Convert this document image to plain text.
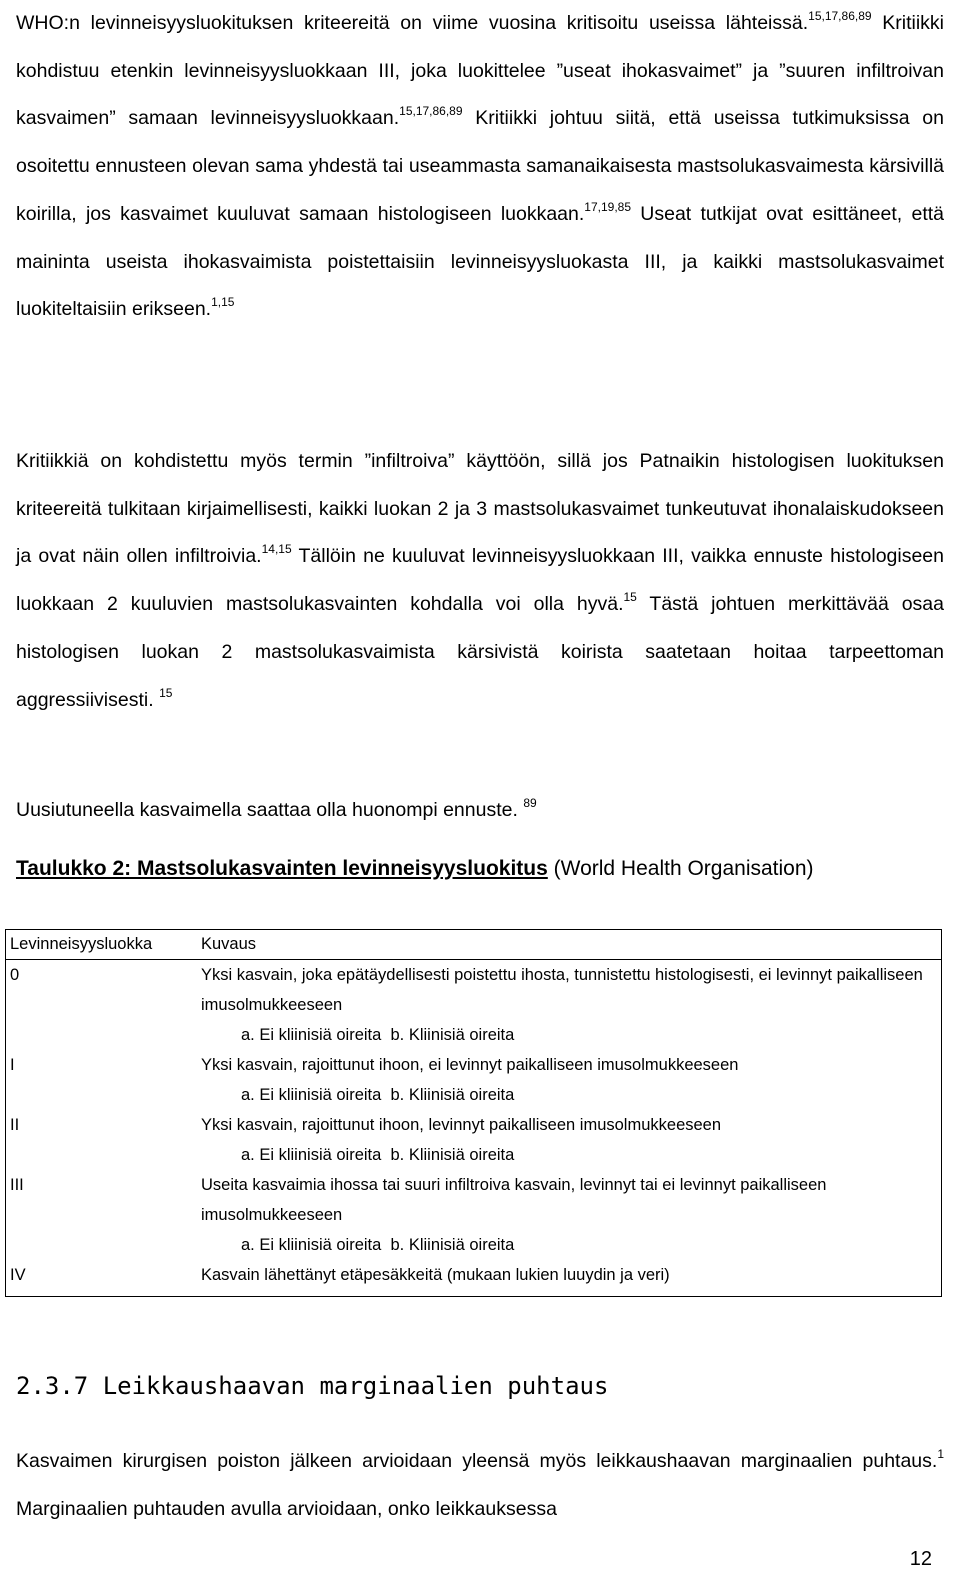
WHO:n levinneisyysluokituksen kriteereitä on viime vuosina kritisoitu useissa lähteissä.$^{15,17,86,89}$ Kritiikki kohdistuu etenkin levinneisyysluokkaan III, joka luokittelee ”useat ihokasvaimet” ja ”suuren infiltroivan kasvaimen” samaan levinneisyysluokkaan.$^{15,17,86,89}$ Kritiikki johtuu siitä, että useissa tutkimuksissa on osoitettu ennusteen olevan sama yhdestä tai useammasta samanaikaisesta mastsolukasvaimesta kärsivillä koirilla, jos kasvaimet kuuluvat samaan histologiseen luokkaan.$^{17,19,85}$ Useat tutkijat ovat esittäneet, että maininta useista ihokasvaimista poistettaisiin levinneisyysluokasta III, ja kaikki mastsolukasvaimet luokiteltaisiin erikseen.$^{1,15}$
Kritiikkiä on kohdistettu myös termin ”infiltroiva” käyttöön, sillä jos Patnaikin histologisen luokituksen kriteereitä tulkitaan kirjaimellisesti, kaikki luokan 2 ja 3 mastsolukasvaimet tunkeutuvat ihonalaiskudokseen ja ovat näin ollen infiltroivia.$^{14,15}$ Tällöin ne kuuluvat levinneisyysluokkaan III, vaikka ennuste histologiseen luokkaan 2 kuuluvien mastsolukasvainten kohdalla voi olla hyvä.$^{15}$ Tästä johtuen merkittävää osaa histologisen luokan 2 mastsolukasvaimista kärsivistä koirista saatetaan hoitaa tarpeettoman aggressiivisesti. $^{15}$
Uusiutuneella kasvaimella saattaa olla huonompi ennuste. $^{89}$
Taulukko 2: Mastsolukasvainten levinneisyysluokitus (World Health Organisation)
Levinneisyysluokka	Kuvaus
0	Yksi kasvain, joka epätäydellisesti poistettu ihosta, tunnistettu histologisesti, ei levinnyt paikalliseen imusolmukkeeseen
a. Ei kliinisiä oireita b. Kliinisiä oireita

I	Yksi kasvain, rajoittunut ihoon, ei levinnyt paikalliseen imusolmukkeeseen
a. Ei kliinisiä oireita b. Kliinisiä oireita

II	Yksi kasvain, rajoittunut ihoon, levinnyt paikalliseen imusolmukkeeseen
a. Ei kliinisiä oireita b. Kliinisiä oireita

III	Useita kasvaimia ihossa tai suuri infiltroiva kasvain, levinnyt tai ei levinnyt paikalliseen imusolmukkeeseen
a. Ei kliinisiä oireita b. Kliinisiä oireita

IV	Kasvain lähettänyt etäpesäkkeitä (mukaan lukien luuydin ja veri)
2.3.7 Leikkaushaavan marginaalien puhtaus
Kasvaimen kirurgisen poiston jälkeen arvioidaan yleensä myös leikkaushaavan marginaalien puhtaus.$^1$ Marginaalien puhtauden avulla arvioidaan, onko leikkauksessa
12
